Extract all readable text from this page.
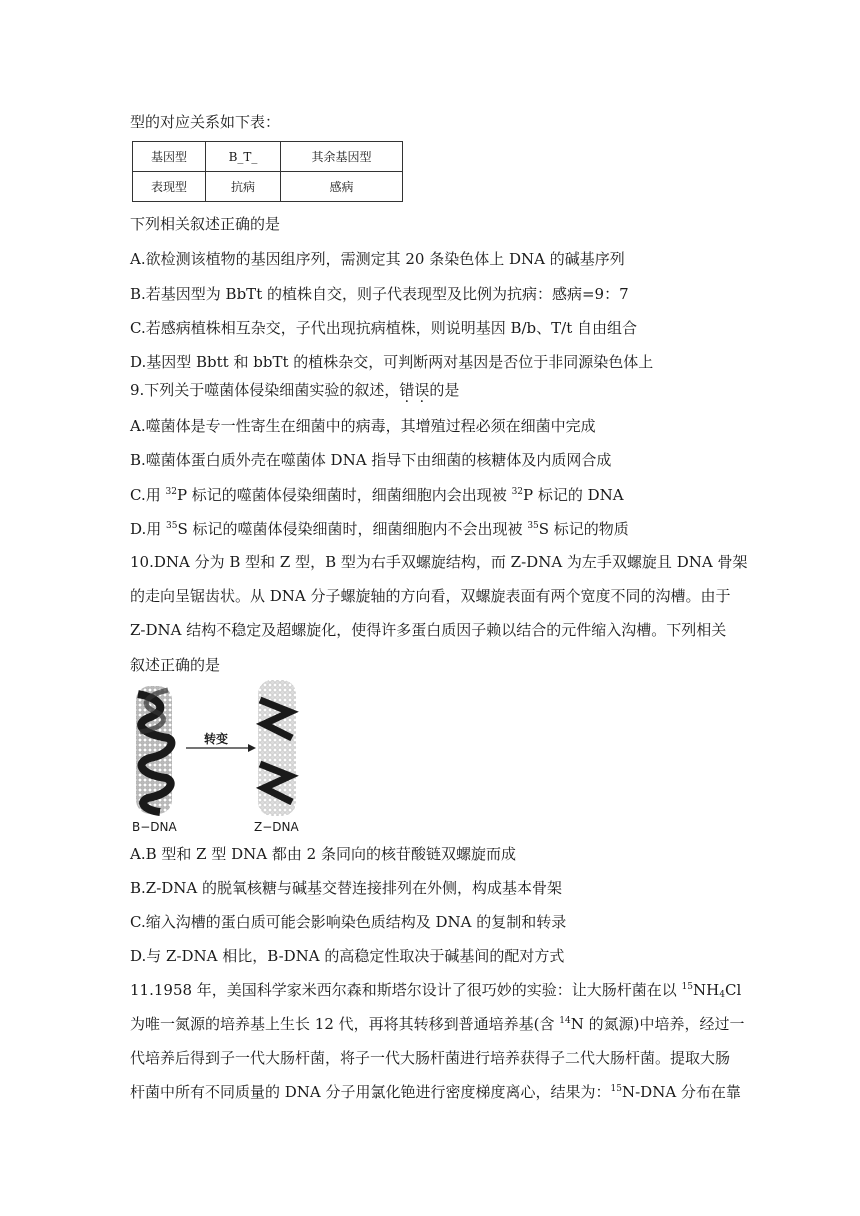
型的对应关系如下表：
基因型	B_T_	其余基因型
表现型	抗病	感病
下列相关叙述正确的是
A.欲检测该植物的基因组序列，需测定其 20 条染色体上 DNA 的碱基序列
B.若基因型为 BbTt 的植株自交，则子代表现型及比例为抗病：感病=9：7
C.若感病植株相互杂交，子代出现抗病植株，则说明基因 B/b、T/t 自由组合
D.基因型 Bbtt 和 bbTt 的植株杂交，可判断两对基因是否位于非同源染色体上
9.下列关于噬菌体侵染细菌实验的叙述，错误的是
A.噬菌体是专一性寄生在细菌中的病毒，其增殖过程必须在细菌中完成
B.噬菌体蛋白质外壳在噬菌体 DNA 指导下由细菌的核糖体及内质网合成
C.用 $^{32}$P 标记的噬菌体侵染细菌时，细菌细胞内会出现被 $^{32}$P 标记的 DNA
D.用 $^{35}$S 标记的噬菌体侵染细菌时，细菌细胞内不会出现被 $^{35}$S 标记的物质
10.DNA 分为 B 型和 Z 型，B 型为右手双螺旋结构，而 Z-DNA 为左手双螺旋且 DNA 骨架
的走向呈锯齿状。从 DNA 分子螺旋轴的方向看，双螺旋表面有两个宽度不同的沟槽。由于
Z-DNA 结构不稳定及超螺旋化，使得许多蛋白质因子赖以结合的元件缩入沟槽。下列相关
叙述正确的是
转变
B−DNA	Z−DNA
A.B 型和 Z 型 DNA 都由 2 条同向的核苷酸链双螺旋而成
B.Z-DNA 的脱氧核糖与碱基交替连接排列在外侧，构成基本骨架
C.缩入沟槽的蛋白质可能会影响染色质结构及 DNA 的复制和转录
D.与 Z-DNA 相比，B-DNA 的高稳定性取决于碱基间的配对方式
11.1958 年，美国科学家米西尔森和斯塔尔设计了很巧妙的实验：让大肠杆菌在以 $^{15}NH_4Cl$
为唯一氮源的培养基上生长 12 代，再将其转移到普通培养基(含 $^{14}$N 的氮源)中培养，经过一
代培养后得到子一代大肠杆菌，将子一代大肠杆菌进行培养获得子二代大肠杆菌。提取大肠
杆菌中所有不同质量的 DNA 分子用氯化铯进行密度梯度离心，结果为：$^{15}$N-DNA 分布在靠
